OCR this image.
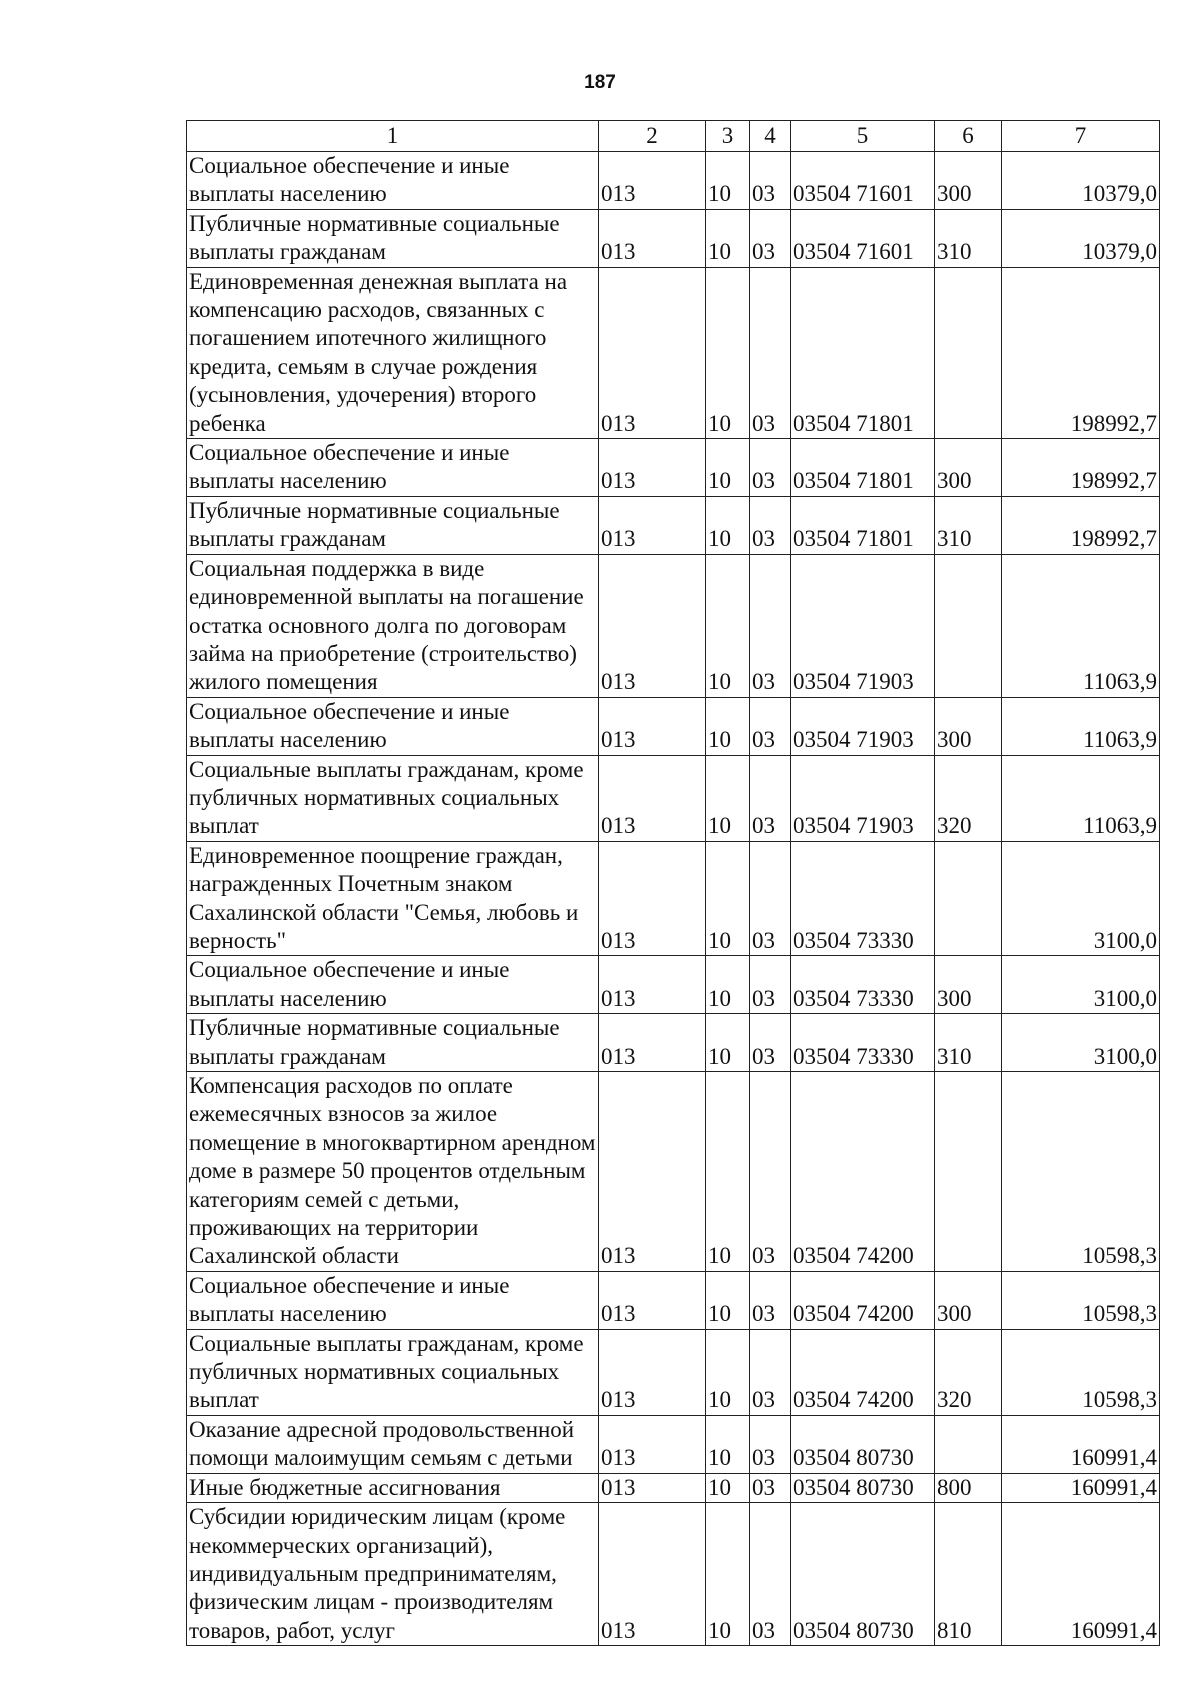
187
1	2	3	4	5	6	7
Социальное обеспечение и иные выплаты населению	013	10	03	03504 71601	300	10379,0
Публичные нормативные социальные выплаты гражданам	013	10	03	03504 71601	310	10379,0
Единовременная денежная выплата на компенсацию расходов, связанных с погашением ипотечного жилищного кредита, семьям в случае рождения (усыновления, удочерения) второго ребенка	013	10	03	03504 71801		198992,7
Социальное обеспечение и иные выплаты населению	013	10	03	03504 71801	300	198992,7
Публичные нормативные социальные выплаты гражданам	013	10	03	03504 71801	310	198992,7
Социальная поддержка в виде единовременной выплаты на погашение остатка основного долга по договорам займа на приобретение (строительство) жилого помещения	013	10	03	03504 71903		11063,9
Социальное обеспечение и иные выплаты населению	013	10	03	03504 71903	300	11063,9
Социальные выплаты гражданам, кроме публичных нормативных социальных выплат	013	10	03	03504 71903	320	11063,9
Единовременное поощрение граждан, награжденных Почетным знаком Сахалинской области "Семья, любовь и верность"	013	10	03	03504 73330		3100,0
Социальное обеспечение и иные выплаты населению	013	10	03	03504 73330	300	3100,0
Публичные нормативные социальные выплаты гражданам	013	10	03	03504 73330	310	3100,0
Компенсация расходов по оплате ежемесячных взносов за жилое помещение в многоквартирном арендном доме в размере 50 процентов отдельным категориям семей с детьми, проживающих на территории Сахалинской области	013	10	03	03504 74200		10598,3
Социальное обеспечение и иные выплаты населению	013	10	03	03504 74200	300	10598,3
Социальные выплаты гражданам, кроме публичных нормативных социальных выплат	013	10	03	03504 74200	320	10598,3
Оказание адресной продовольственной помощи малоимущим семьям с детьми	013	10	03	03504 80730		160991,4
Иные бюджетные ассигнования	013	10	03	03504 80730	800	160991,4
Субсидии юридическим лицам (кроме некоммерческих организаций), индивидуальным предпринимателям, физическим лицам - производителям товаров, работ, услуг	013	10	03	03504 80730	810	160991,4
